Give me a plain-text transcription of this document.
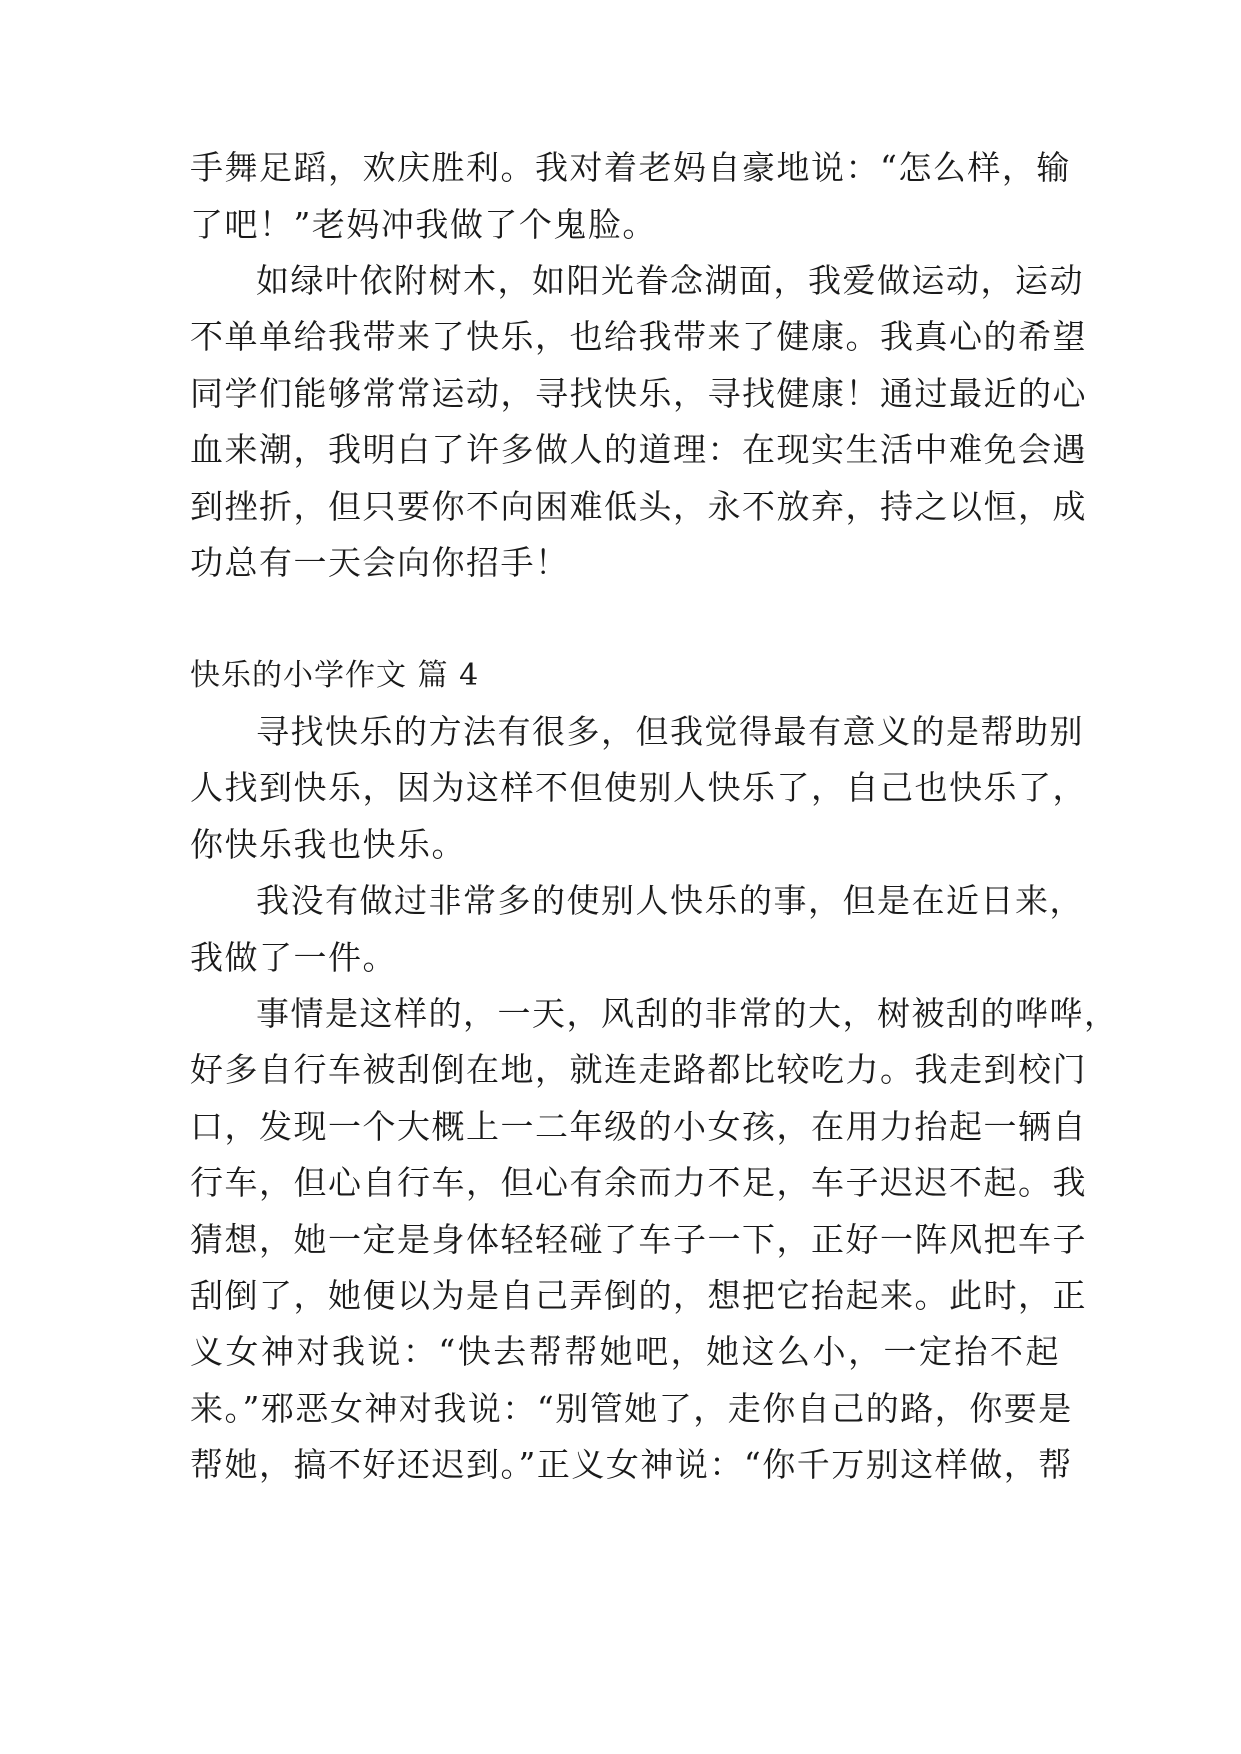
手舞足蹈，欢庆胜利。我对着老妈自豪地说：“怎么样，输
了吧！”老妈冲我做了个鬼脸。
如绿叶依附树木，如阳光眷念湖面，我爱做运动，运动
不单单给我带来了快乐，也给我带来了健康。我真心的希望
同学们能够常常运动，寻找快乐，寻找健康！通过最近的心
血来潮，我明白了许多做人的道理：在现实生活中难免会遇
到挫折，但只要你不向困难低头，永不放弃，持之以恒，成
功总有一天会向你招手！
快乐的小学作文 篇 4
寻找快乐的方法有很多，但我觉得最有意义的是帮助别
人找到快乐，因为这样不但使别人快乐了，自己也快乐了，
你快乐我也快乐。
我没有做过非常多的使别人快乐的事，但是在近日来，
我做了一件。
事情是这样的，一天，风刮的非常的大，树被刮的哗哗，
好多自行车被刮倒在地，就连走路都比较吃力。我走到校门
口，发现一个大概上一二年级的小女孩，在用力抬起一辆自
行车，但心自行车，但心有余而力不足，车子迟迟不起。我
猜想，她一定是身体轻轻碰了车子一下，正好一阵风把车子
刮倒了，她便以为是自己弄倒的，想把它抬起来。此时，正
义女神对我说：“快去帮帮她吧，她这么小，一定抬不起
来。”邪恶女神对我说：“别管她了，走你自己的路，你要是
帮她，搞不好还迟到。”正义女神说：“你千万别这样做，帮
